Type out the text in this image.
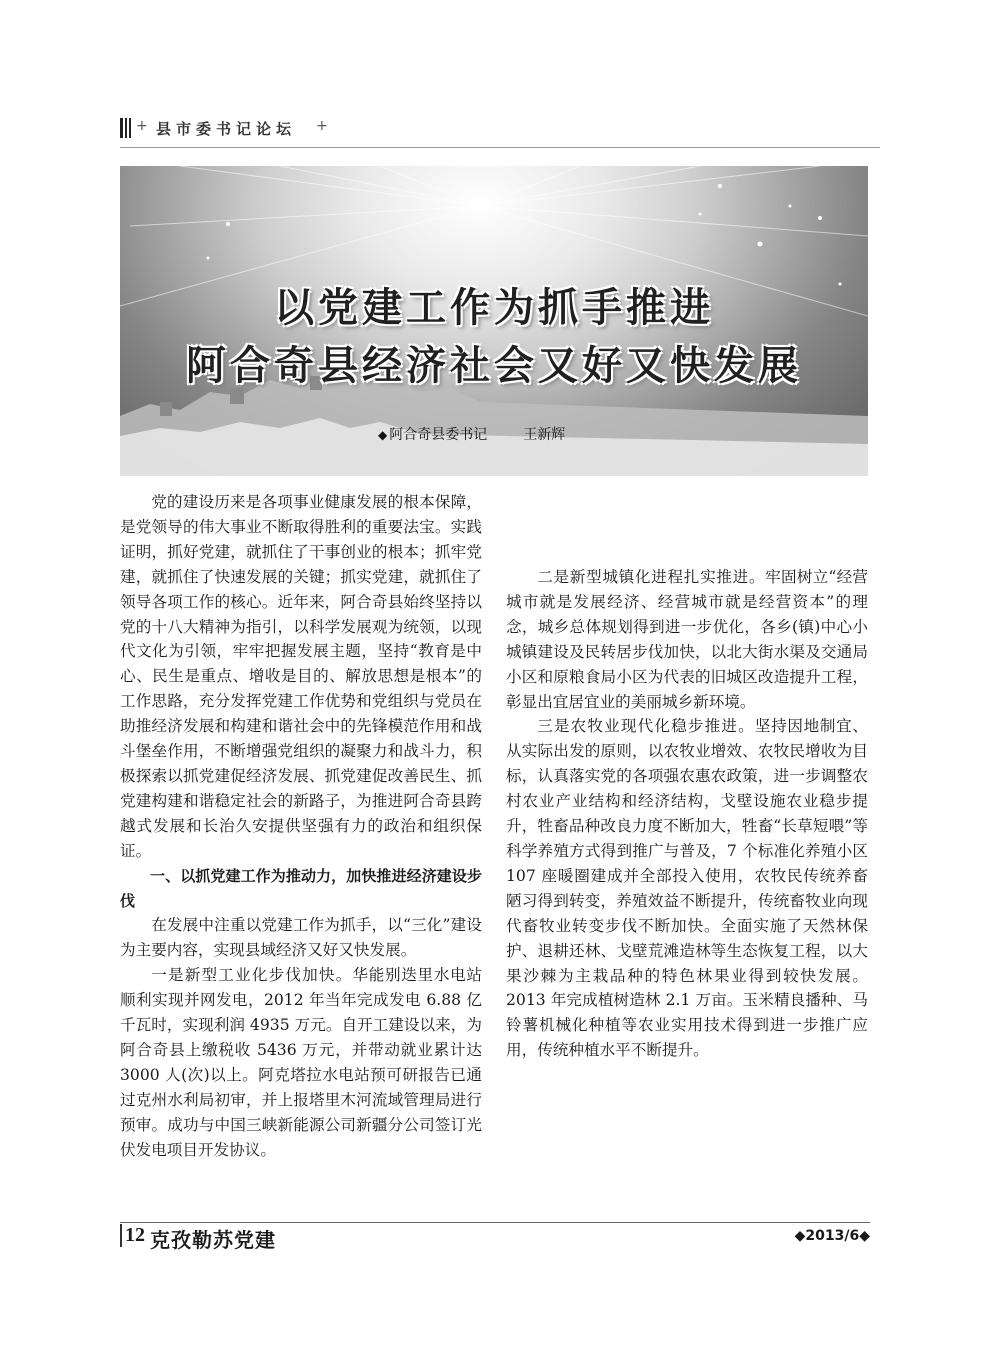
+ 县市委书记论坛 +
以党建工作为抓手推进
阿合奇县经济社会又好又快发展
◆ 阿合奇县委书记	王新辉

党的建设历来是各项事业健康发展的根本保障，是党领导的伟大事业不断取得胜利的重要法宝。实践证明，抓好党建，就抓住了干事创业的根本；抓牢党建，就抓住了快速发展的关键；抓实党建，就抓住了领导各项工作的核心。近年来，阿合奇县始终坚持以党的十八大精神为指引，以科学发展观为统领，以现代文化为引领，牢牢把握发展主题，坚持“教育是中心、民生是重点、增收是目的、解放思想是根本”的工作思路，充分发挥党建工作优势和党组织与党员在助推经济发展和构建和谐社会中的先锋模范作用和战斗堡垒作用，不断增强党组织的凝聚力和战斗力，积极探索以抓党建促经济发展、抓党建促改善民生、抓党建构建和谐稳定社会的新路子，为推进阿合奇县跨越式发展和长治久安提供坚强有力的政治和组织保证。

一、以抓党建工作为推动力，加快推进经济建设步伐

在发展中注重以党建工作为抓手，以“三化”建设为主要内容，实现县域经济又好又快发展。

一是新型工业化步伐加快。华能别迭里水电站顺利实现并网发电，2012 年当年完成发电 6.88 亿千瓦时，实现利润 4935 万元。自开工建设以来，为阿合奇县上缴税收 5436 万元，并带动就业累计达 3000 人(次)以上。阿克塔拉水电站预可研报告已通过克州水利局初审，并上报塔里木河流域管理局进行预审。成功与中国三峡新能源公司新疆分公司签订光伏发电项目开发协议。

二是新型城镇化进程扎实推进。牢固树立“经营城市就是发展经济、经营城市就是经营资本”的理念，城乡总体规划得到进一步优化，各乡(镇)中心小城镇建设及民转居步伐加快，以北大街水渠及交通局小区和原粮食局小区为代表的旧城区改造提升工程，彰显出宜居宜业的美丽城乡新环境。

三是农牧业现代化稳步推进。坚持因地制宜、从实际出发的原则，以农牧业增效、农牧民增收为目标，认真落实党的各项强农惠农政策，进一步调整农村农业产业结构和经济结构，戈壁设施农业稳步提升，牲畜品种改良力度不断加大，牲畜“长草短喂”等科学养殖方式得到推广与普及，7 个标准化养殖小区 107 座暖圈建成并全部投入使用，农牧民传统养畜陋习得到转变，养殖效益不断提升，传统畜牧业向现代畜牧业转变步伐不断加快。全面实施了天然林保护、退耕还林、戈壁荒滩造林等生态恢复工程，以大果沙棘为主栽品种的特色林果业得到较快发展。2013 年完成植树造林 2.1 万亩。玉米精良播种、马铃薯机械化种植等农业实用技术得到进一步推广应用，传统种植水平不断提升。

12 克孜勒苏党建	◆2013/6◆
